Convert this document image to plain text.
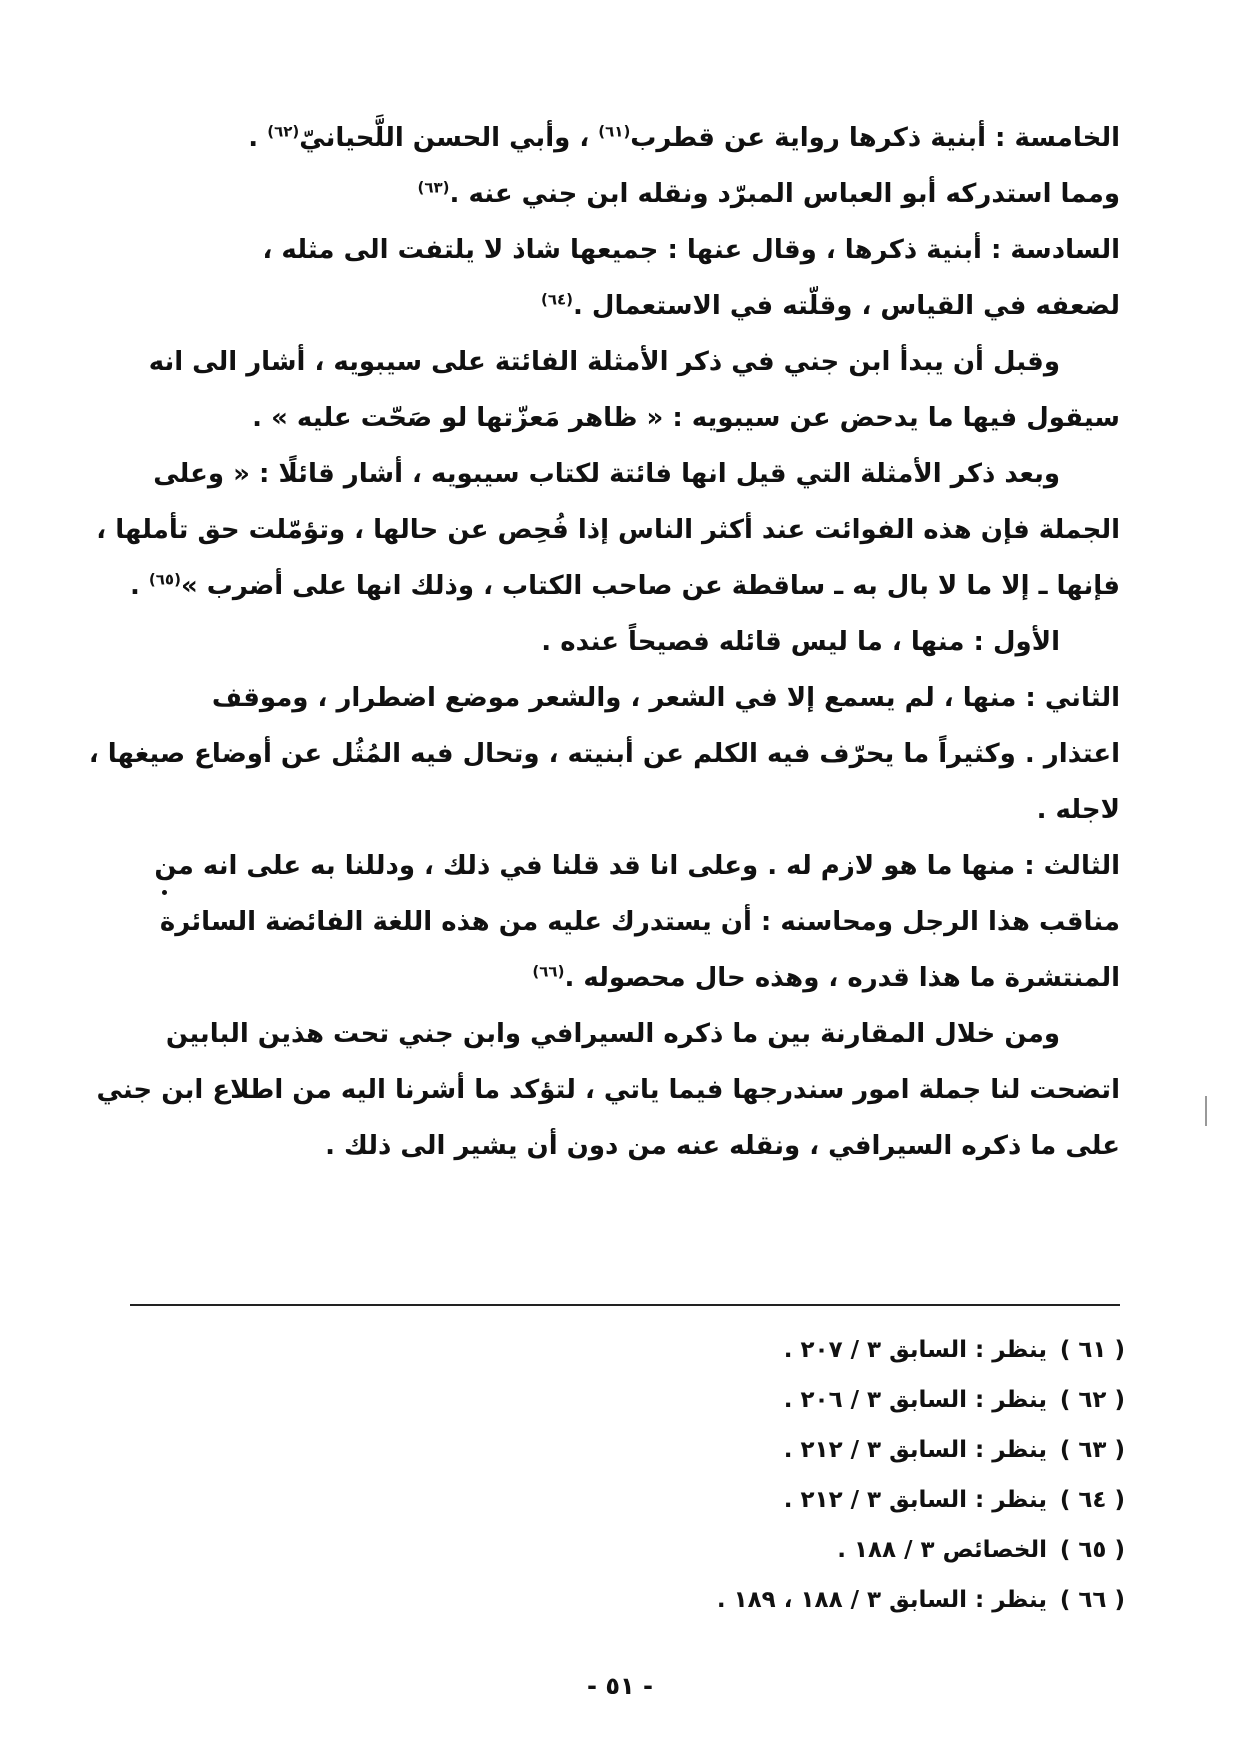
الخامسة : أبنية ذكرها رواية عن قطرب$^{(٦١)}$ ، وأبي الحسن اللَّحيانيّ$^{(٦٢)}$ .
ومما استدركه أبو العباس المبرّد ونقله ابن جني عنه .$^{(٦٣)}$
السادسة : أبنية ذكرها ، وقال عنها : جميعها شاذ لا يلتفت الى مثله ،
لضعفه في القياس ، وقلّته في الاستعمال .$^{(٦٤)}$
وقبل أن يبدأ ابن جني في ذكر الأمثلة الفائتة على سيبويه ، أشار الى انه
سيقول فيها ما يدحض عن سيبويه : « ظاهر مَعزّتها لو صَحّت عليه » .
وبعد ذكر الأمثلة التي قيل انها فائتة لكتاب سيبويه ، أشار قائلًا : « وعلى
الجملة فإن هذه الفوائت عند أكثر الناس إذا فُحِص عن حالها ، وتؤمّلت حق تأملها ،
فإنها ـ إلا ما لا بال به ـ ساقطة عن صاحب الكتاب ، وذلك انها على أضرب »$^{(٦٥)}$ .
الأول : منها ، ما ليس قائله فصيحاً عنده .
الثاني : منها ، لم يسمع إلا في الشعر ، والشعر موضع اضطرار ، وموقف
اعتذار . وكثيراً ما يحرّف فيه الكلم عن أبنيته ، وتحال فيه المُثُل عن أوضاع صيغها ،
لاجله .
الثالث : منها ما هو لازم له . وعلى انا قد قلنا في ذلك ، ودللنا به على انه من
مناقب هذا الرجل ومحاسنه : أن يستدرك عليه من هذه اللغة الفائضة السائرة
المنتشرة ما هذا قدره ، وهذه حال محصوله .$^{(٦٦)}$
ومن خلال المقارنة بين ما ذكره السيرافي وابن جني تحت هذين البابين
اتضحت لنا جملة امور سندرجها فيما ياتي ، لتؤكد ما أشرنا اليه من اطلاع ابن جني
على ما ذكره السيرافي ، ونقله عنه من دون أن يشير الى ذلك .
( ٦١ ) ينظر : السابق ٣ / ٢٠٧ .
( ٦٢ ) ينظر : السابق ٣ / ٢٠٦ .
( ٦٣ ) ينظر : السابق ٣ / ٢١٢ .
( ٦٤ ) ينظر : السابق ٣ / ٢١٢ .
( ٦٥ ) الخصائص ٣ / ١٨٨ .
( ٦٦ ) ينظر : السابق ٣ / ١٨٨ ، ١٨٩ .
- ٥١ -
